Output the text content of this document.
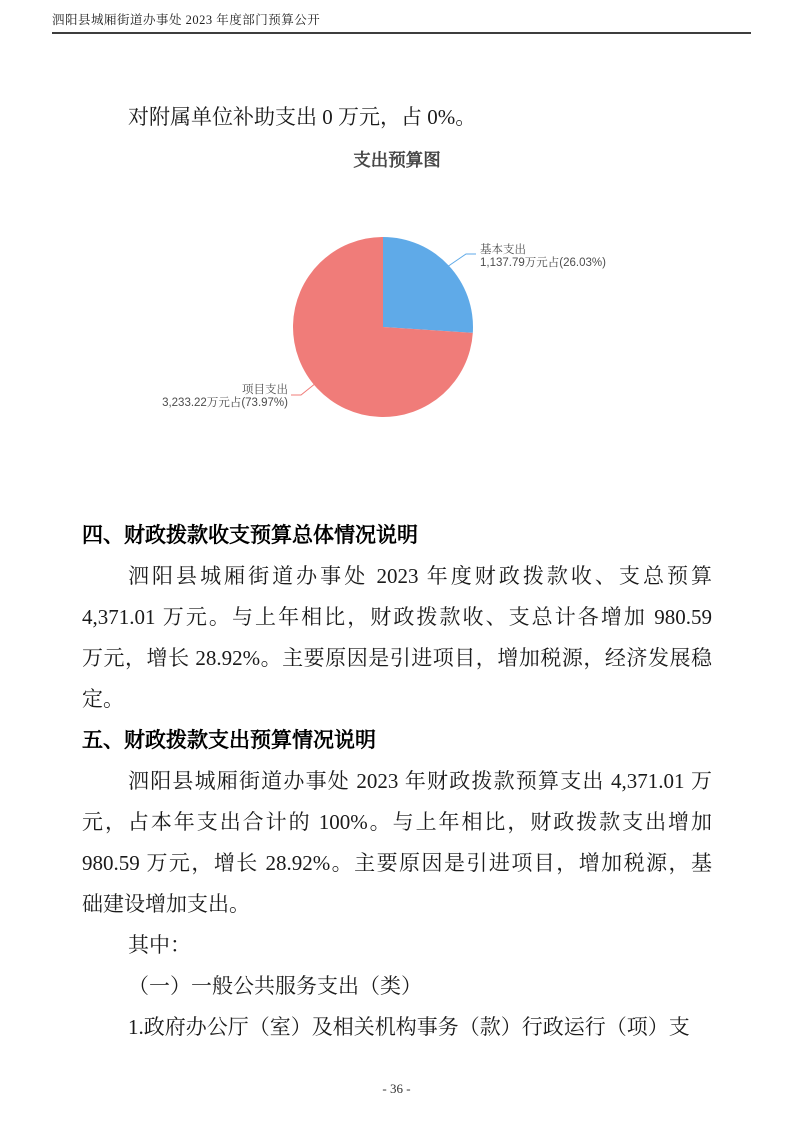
泗阳县城厢街道办事处 2023 年度部门预算公开
支出预算图
基本支出
1,137.79万元占(26.03%)
项目支出
3,233.22万元占(73.97%)
对附属单位补助支出 0 万元，占 0%。
四、财政拨款收支预算总体情况说明
泗阳县城厢街道办事处 2023 年度财政拨款收、支总预算
4,371.01 万元。与上年相比，财政拨款收、支总计各增加 980.59
万元，增长 28.92%。主要原因是引进项目，增加税源，经济发展稳
定。
五、财政拨款支出预算情况说明
泗阳县城厢街道办事处 2023 年财政拨款预算支出 4,371.01 万
元，占本年支出合计的 100%。与上年相比，财政拨款支出增加
980.59 万元，增长 28.92%。主要原因是引进项目，增加税源，基
础建设增加支出。
其中：
（一）一般公共服务支出（类）
1.政府办公厅（室）及相关机构事务（款）行政运行（项）支
- 36 -
